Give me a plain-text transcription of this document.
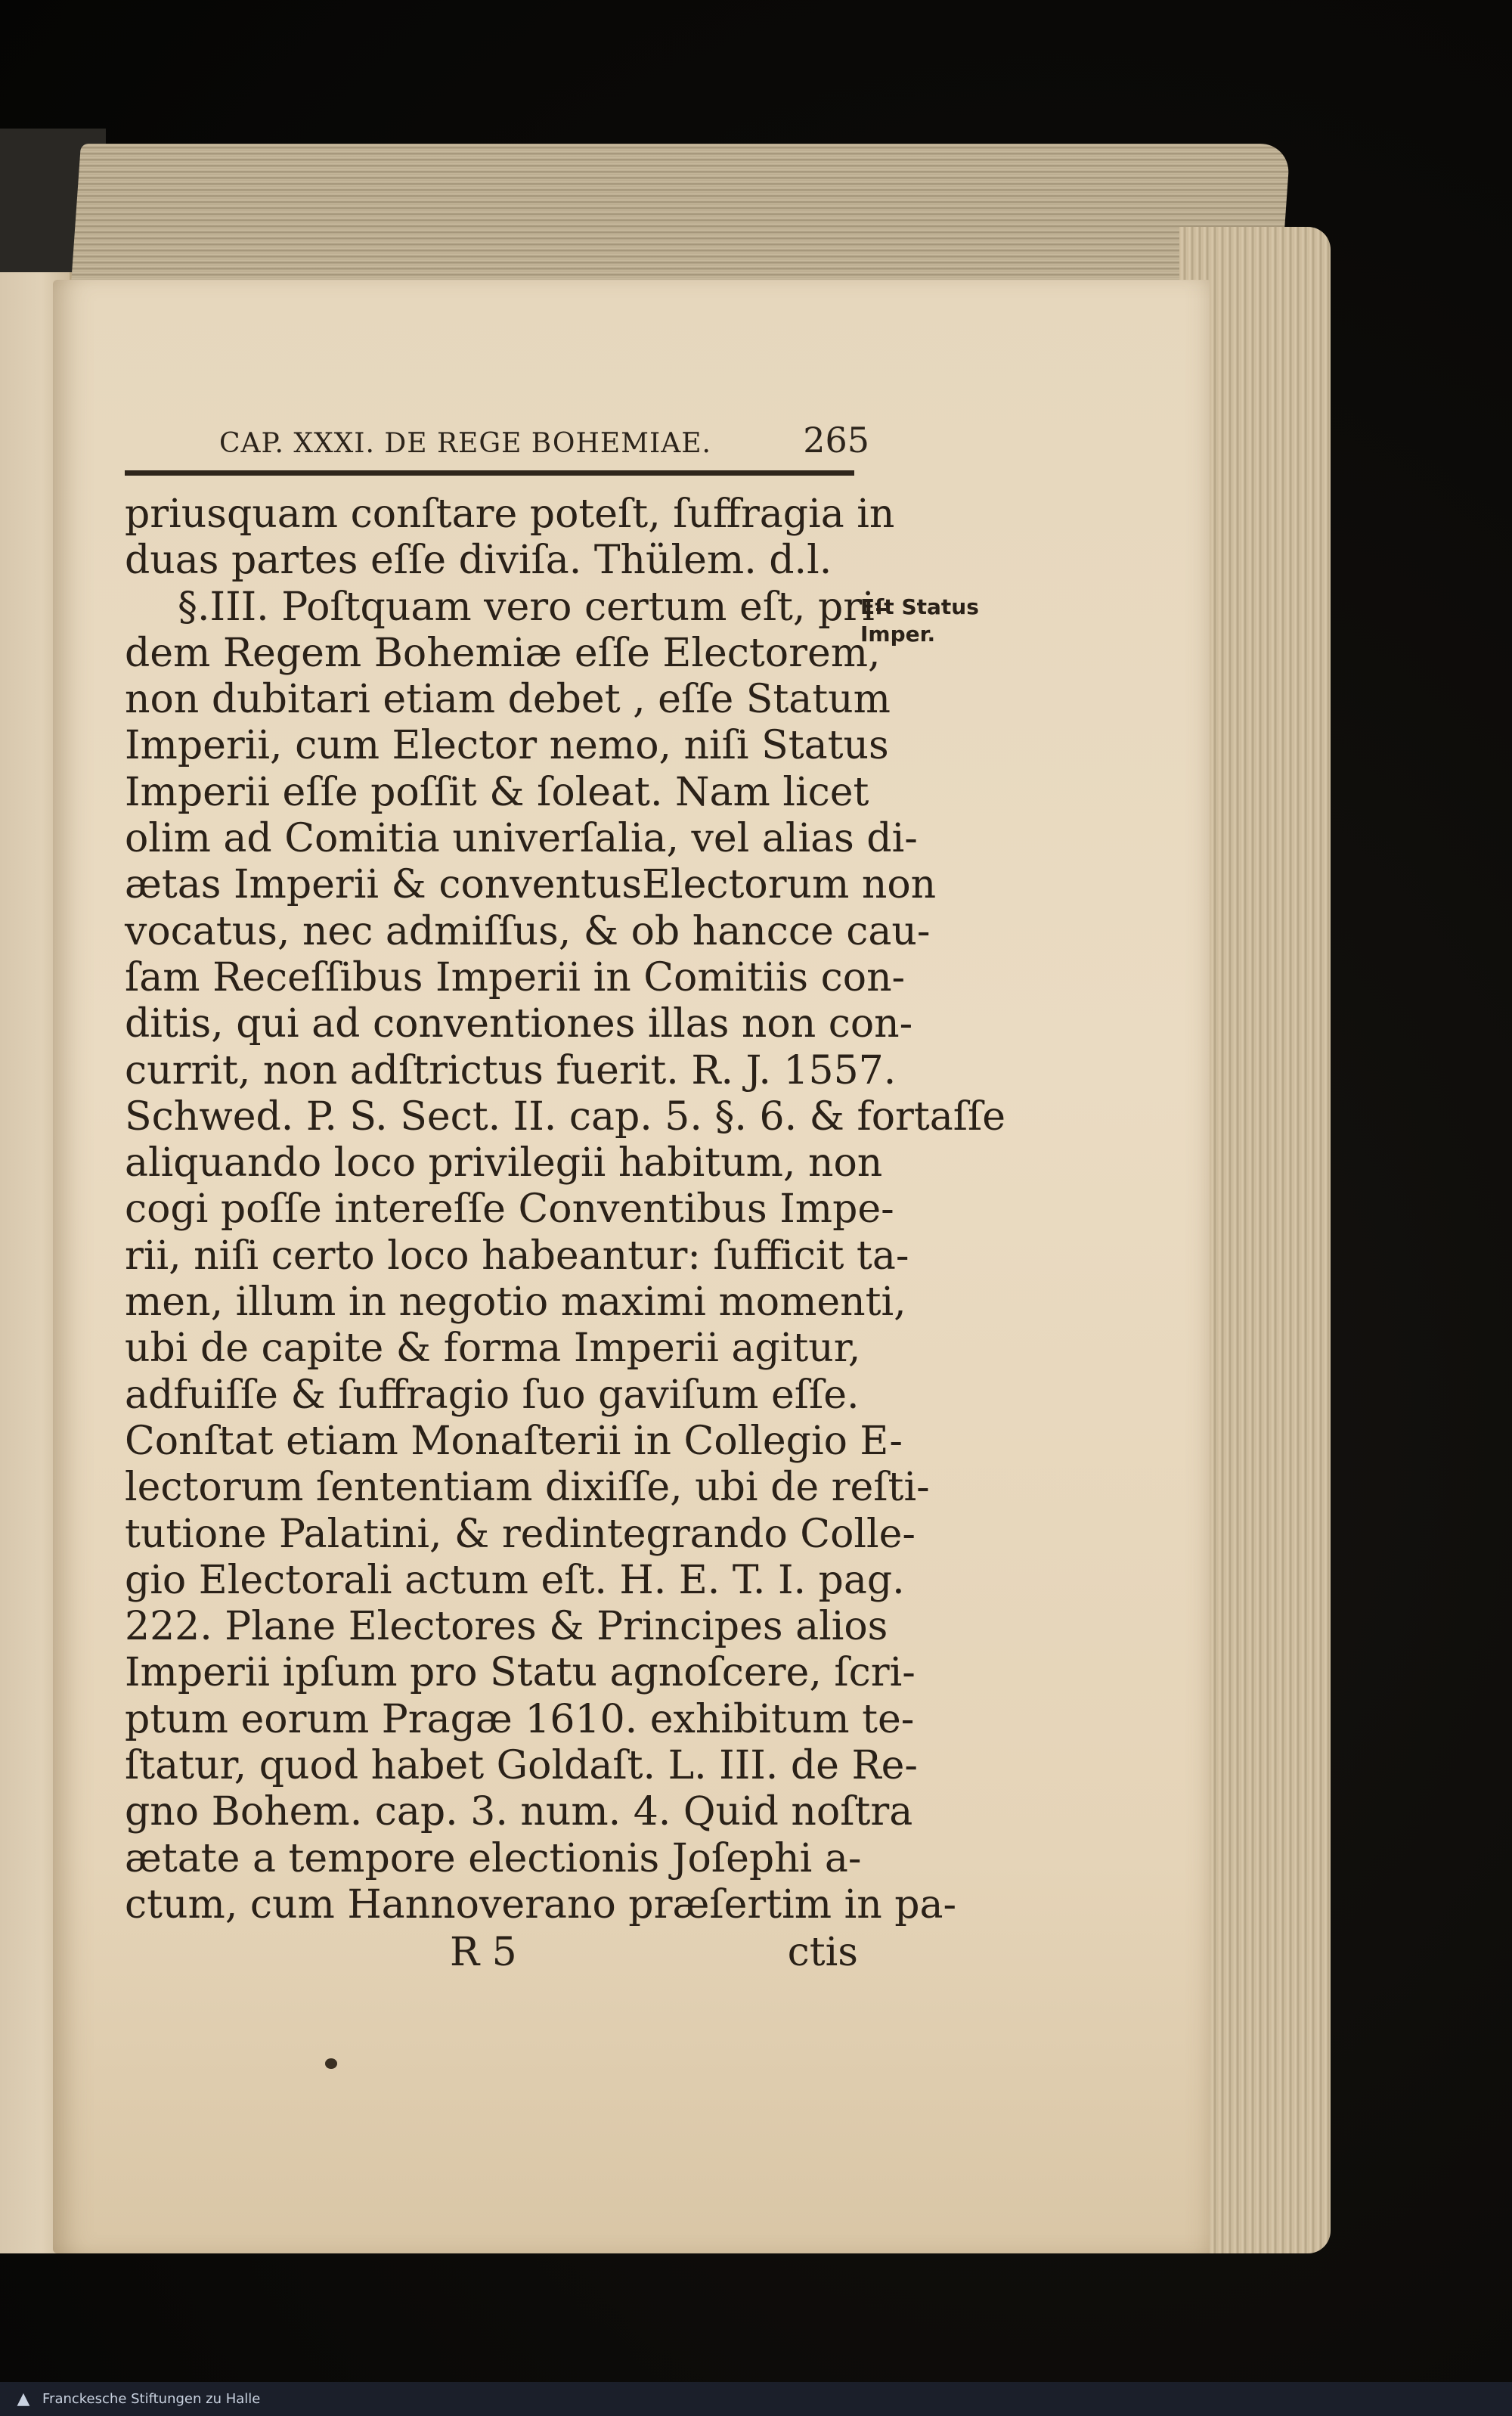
CAP. XXXI. DE REGE BOHEMIAE.	265
Eſt Status
Imper.
priusquam conſtare poteſt, ſuffragia in
duas partes eſſe diviſa. Thülem. d.l.
§.III. Poſtquam vero certum eſt, pri-
dem Regem Bohemiæ eſſe Electorem,
non dubitari etiam debet , eſſe Statum
Imperii, cum Elector nemo, niſi Status
Imperii eſſe poſſit & ſoleat. Nam licet
olim ad Comitia univerſalia, vel alias di-
ætas Imperii & conventusElectorum non
vocatus, nec admiſſus, & ob hancce cau-
ſam Receſſibus Imperii in Comitiis con-
ditis, qui ad conventiones illas non con-
currit, non adſtrictus fuerit. R. J. 1557.
Schwed. P. S. Sect. II. cap. 5. §. 6. & fortaſſe
aliquando loco privilegii habitum, non
cogi poſſe intereſſe Conventibus Impe-
rii, niſi certo loco habeantur: ſufficit ta-
men, illum in negotio maximi momenti,
ubi de capite & forma Imperii agitur,
adfuiſſe & ſuffragio ſuo gaviſum eſſe.
Conſtat etiam Monaſterii in Collegio E-
lectorum ſententiam dixiſſe, ubi de reſti-
tutione Palatini, & redintegrando Colle-
gio Electorali actum eſt. H. E. T. I. pag.
222. Plane Electores & Principes alios
Imperii ipſum pro Statu agnoſcere, ſcri-
ptum eorum Pragæ 1610. exhibitum te-
ſtatur, quod habet Goldaſt. L. III. de Re-
gno Bohem. cap. 3. num. 4. Quid noſtra
ætate a tempore electionis Joſephi a-
ctum, cum Hannoverano præſertim in pa-
R 5	ctis
▲ Franckesche Stiftungen zu Halle
